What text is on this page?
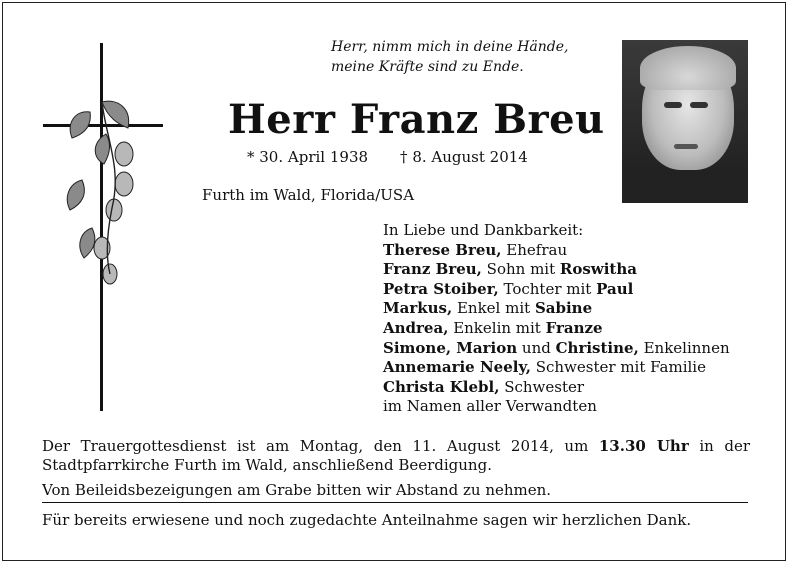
Herr, nimm mich in deine Hände,
meine Kräfte sind zu Ende.
Herr Franz Breu
* 30. April 1938 † 8. August 2014
Furth im Wald, Florida/USA
In Liebe und Dankbarkeit:
Therese Breu, Ehefrau
Franz Breu, Sohn mit Roswitha
Petra Stoiber, Tochter mit Paul
Markus, Enkel mit Sabine
Andrea, Enkelin mit Franze
Simone, Marion und Christine, Enkelinnen
Annemarie Neely, Schwester mit Familie
Christa Klebl, Schwester
im Namen aller Verwandten
Der Trauergottesdienst ist am Montag, den 11. August 2014, um 13.30 Uhr in der Stadtpfarrkirche Furth im Wald, anschließend Beerdigung.
Von Beileidsbezeigungen am Grabe bitten wir Abstand zu nehmen.
Für bereits erwiesene und noch zugedachte Anteilnahme sagen wir herzlichen Dank.
